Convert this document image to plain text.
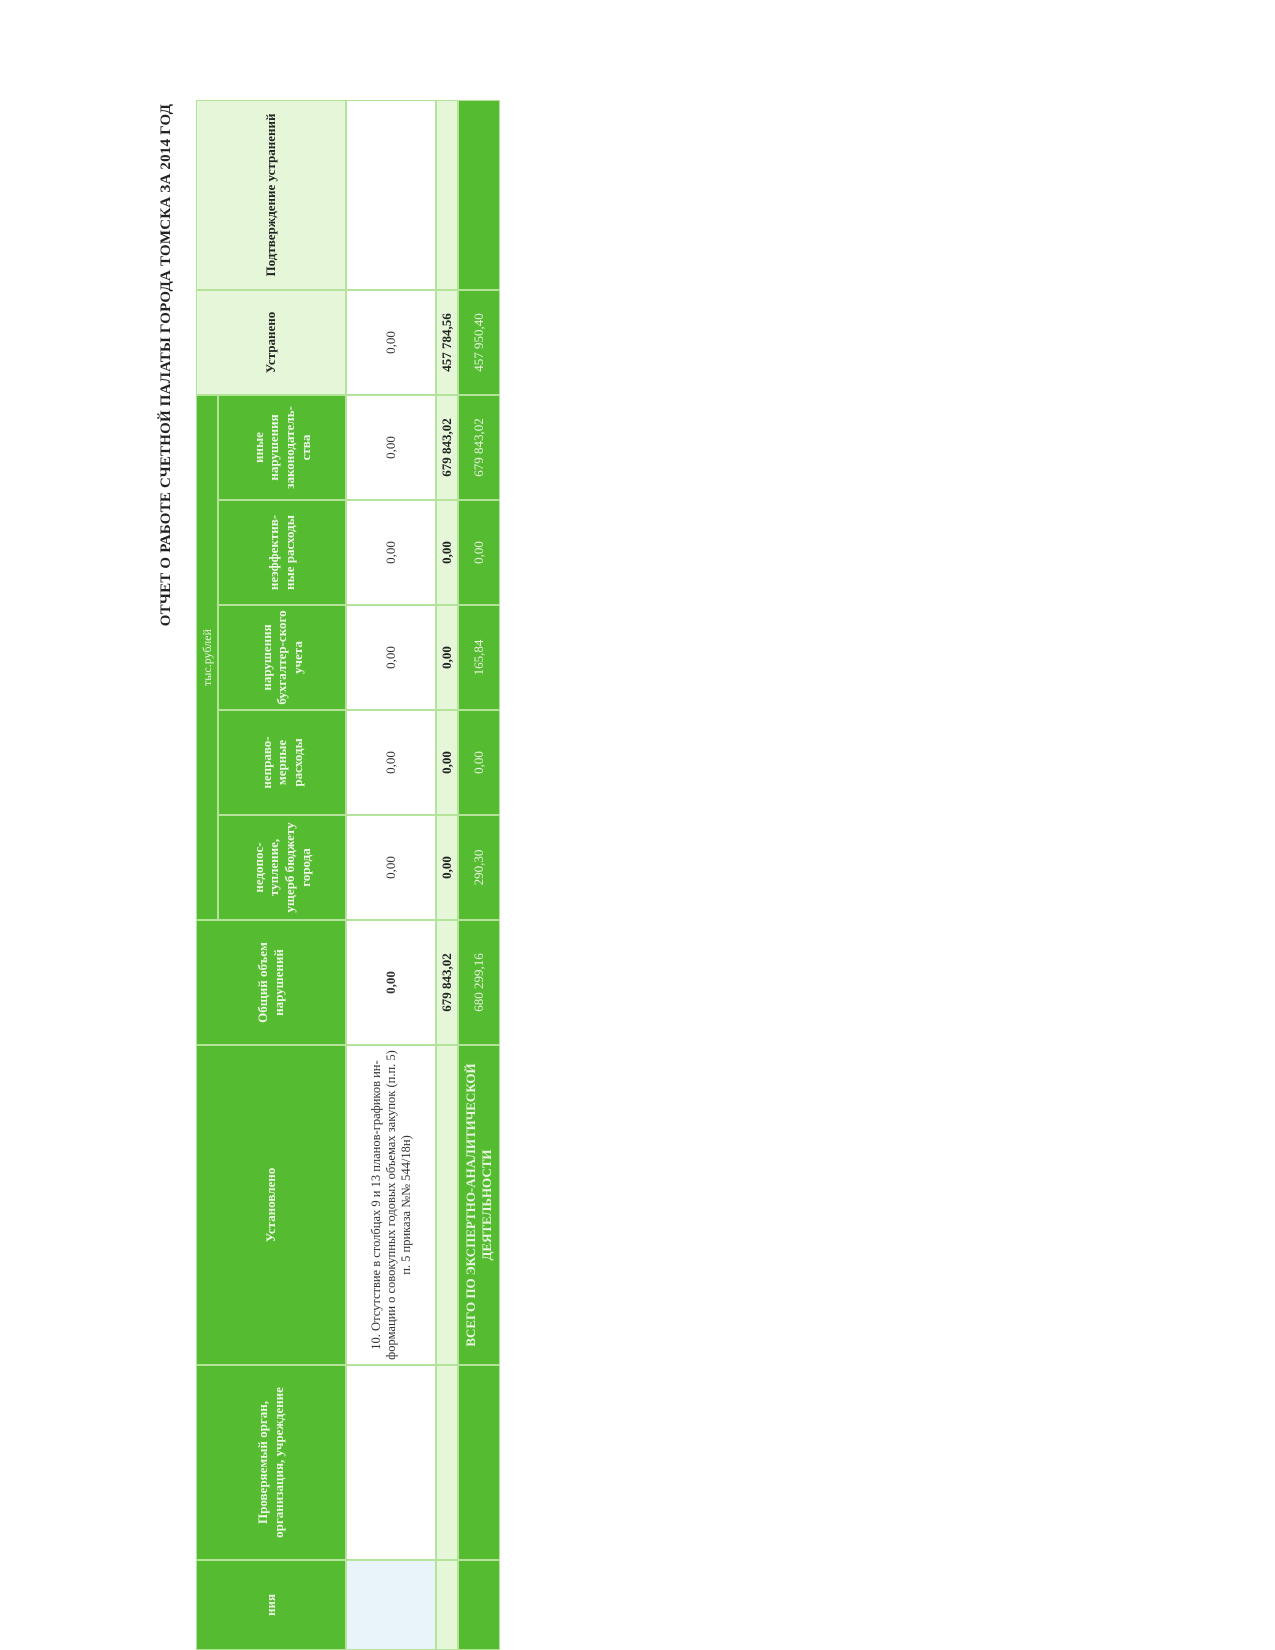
ОТЧЕТ О РАБОТЕ СЧЕТНОЙ ПАЛАТЫ ГОРОДА ТОМСКА ЗА 2014 ГОД
ния
Проверяемый орган, организация, учреждение
Установлено
Общий объем нарушений
тыс.рублей
недопос-тупление, ущерб бюджету города
неправо-мерные расходы
нарушения бухгалтер-ского учета
неэффектив-ные расходы
иные нарушения законодатель-ства
Устранено
Подтверждение устранений
10. Отсутствие в столбцах 9 и 13 планов-графиков ин-формации о совокупных годовых объемах закупок (п.п. 5) п. 5 приказа №№ 544/18н)
0,00
0,00
0,00
0,00
0,00
0,00
0,00
679 843,02
0,00
0,00
0,00
0,00
679 843,02
457 784,56
ВСЕГО ПО ЭКСПЕРТНО-АНАЛИТИЧЕСКОЙ ДЕЯТЕЛЬНОСТИ
680 299,16
290,30
0,00
165,84
0,00
679 843,02
457 950,40
